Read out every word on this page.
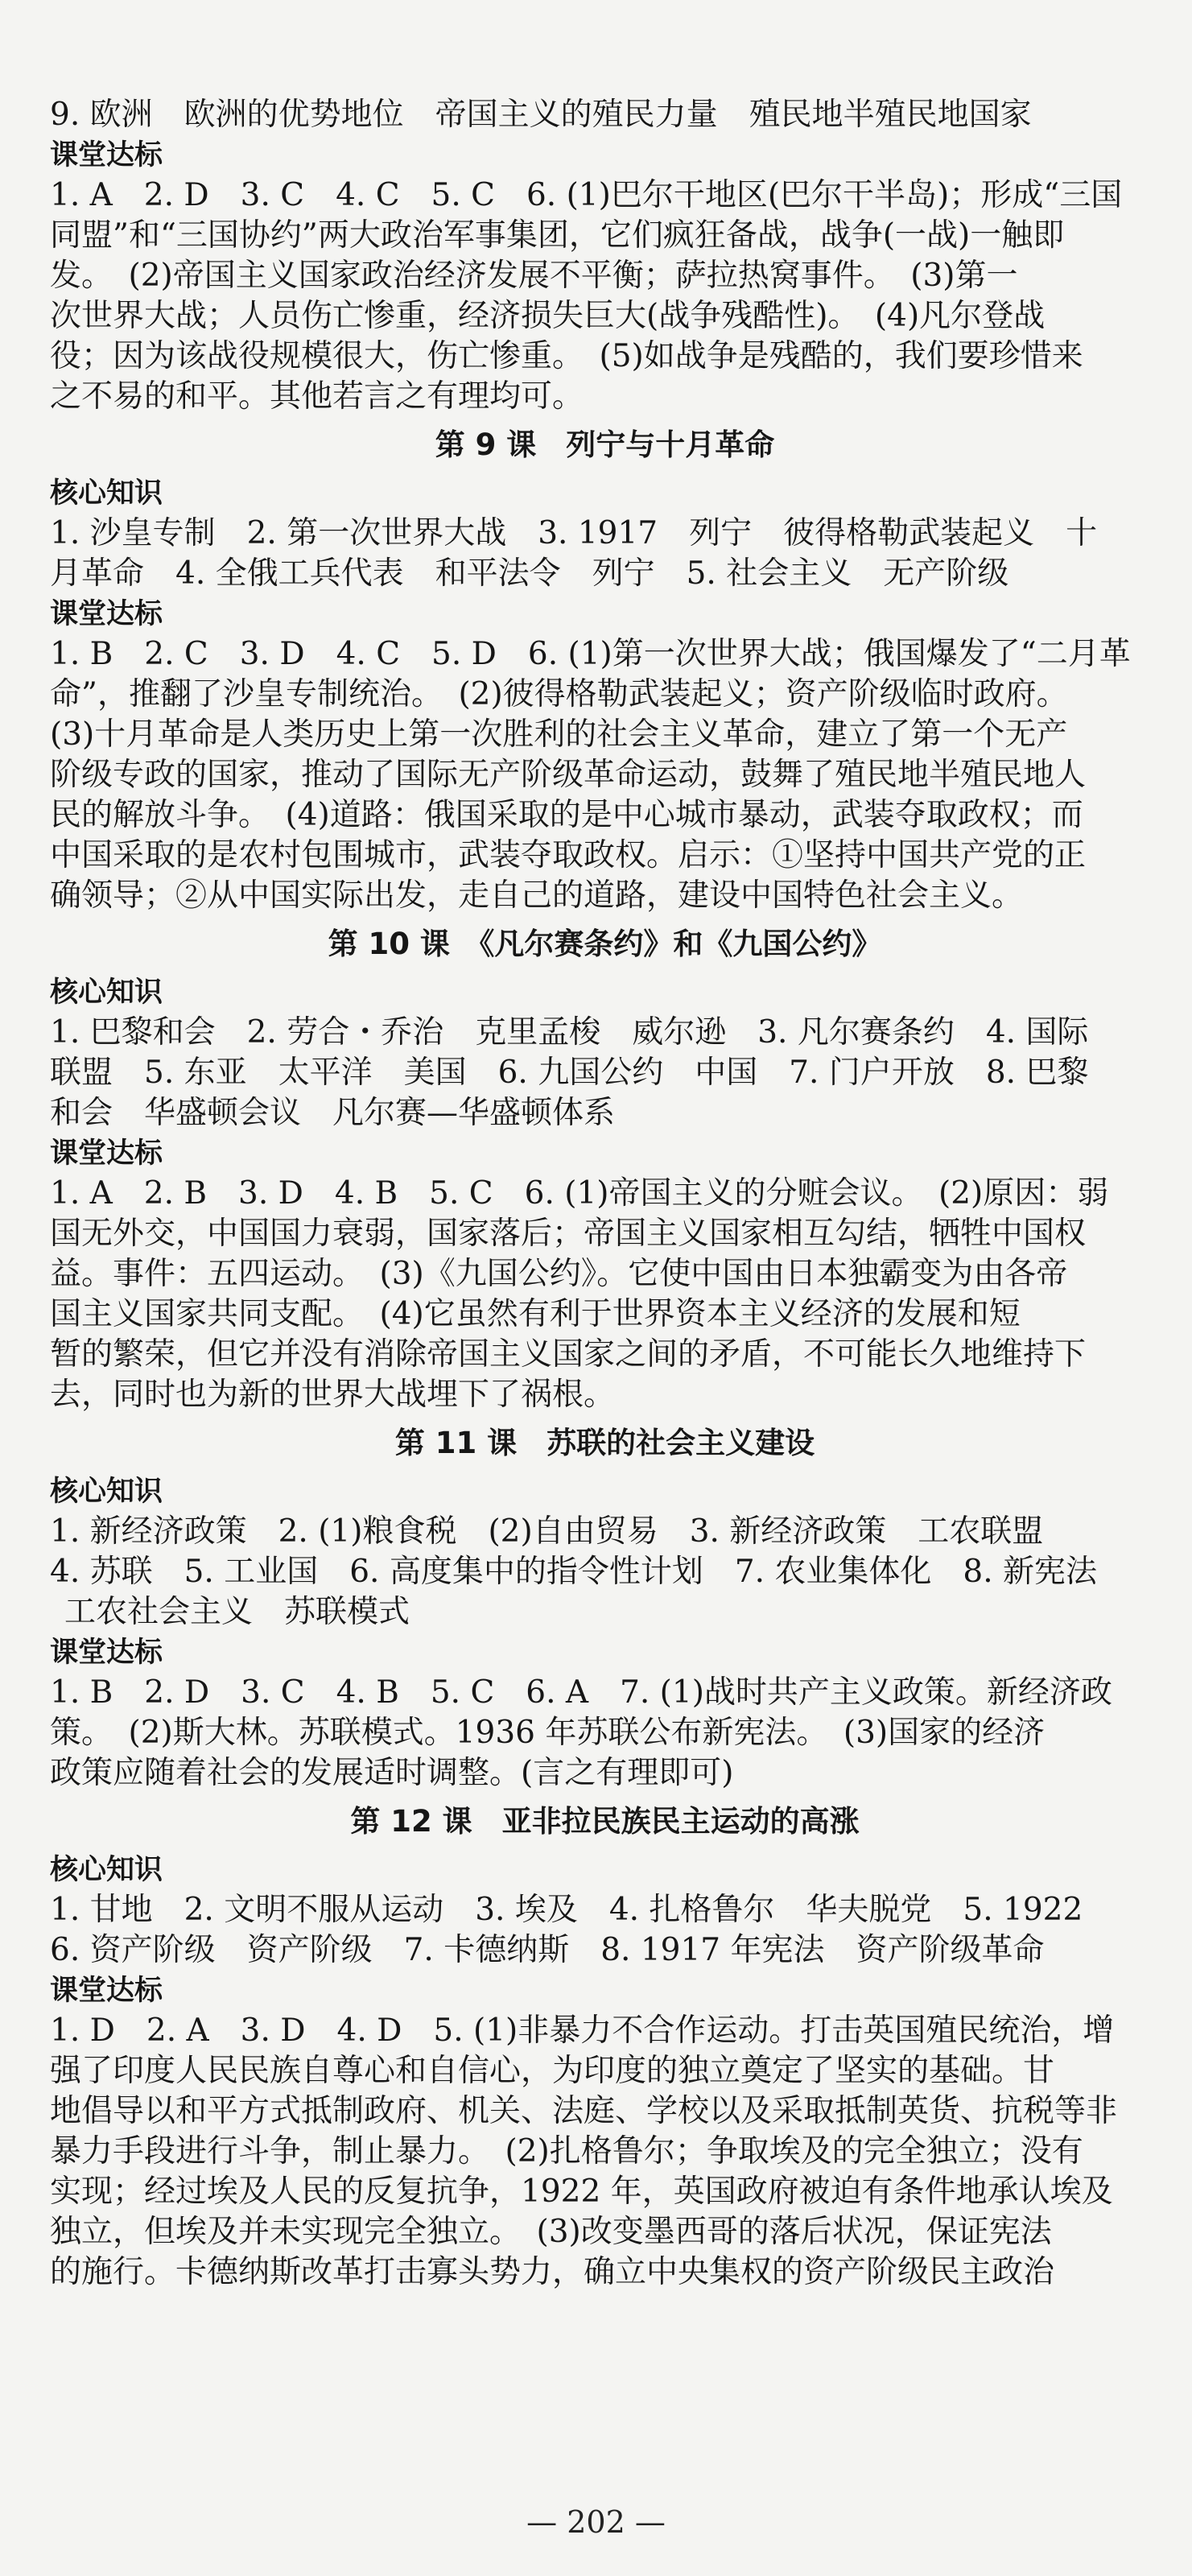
9. 欧洲　欧洲的优势地位　帝国主义的殖民力量　殖民地半殖民地国家
课堂达标
1. A　2. D　3. C　4. C　5. C　6. (1)巴尔干地区(巴尔干半岛)；形成“三国
同盟”和“三国协约”两大政治军事集团，它们疯狂备战，战争(一战)一触即
发。　(2)帝国主义国家政治经济发展不平衡；萨拉热窝事件。　(3)第一
次世界大战；人员伤亡惨重，经济损失巨大(战争残酷性)。　(4)凡尔登战
役；因为该战役规模很大，伤亡惨重。　(5)如战争是残酷的，我们要珍惜来
之不易的和平。其他若言之有理均可。
第 9 课　列宁与十月革命
核心知识
1. 沙皇专制　2. 第一次世界大战　3. 1917　列宁　彼得格勒武装起义　十
月革命　4. 全俄工兵代表　和平法令　列宁　5. 社会主义　无产阶级
课堂达标
1. B　2. C　3. D　4. C　5. D　6. (1)第一次世界大战；俄国爆发了“二月革
命”，推翻了沙皇专制统治。　(2)彼得格勒武装起义；资产阶级临时政府。
(3)十月革命是人类历史上第一次胜利的社会主义革命，建立了第一个无产
阶级专政的国家，推动了国际无产阶级革命运动，鼓舞了殖民地半殖民地人
民的解放斗争。　(4)道路：俄国采取的是中心城市暴动，武装夺取政权；而
中国采取的是农村包围城市，武装夺取政权。启示：①坚持中国共产党的正
确领导；②从中国实际出发，走自己的道路，建设中国特色社会主义。
第 10 课　《凡尔赛条约》和《九国公约》
核心知识
1. 巴黎和会　2. 劳合・乔治　克里孟梭　威尔逊　3. 凡尔赛条约　4. 国际
联盟　5. 东亚　太平洋　美国　6. 九国公约　中国　7. 门户开放　8. 巴黎
和会　华盛顿会议　凡尔赛—华盛顿体系
课堂达标
1. A　2. B　3. D　4. B　5. C　6. (1)帝国主义的分赃会议。　(2)原因：弱
国无外交，中国国力衰弱，国家落后；帝国主义国家相互勾结，牺牲中国权
益。事件：五四运动。　(3)《九国公约》。它使中国由日本独霸变为由各帝
国主义国家共同支配。　(4)它虽然有利于世界资本主义经济的发展和短
暂的繁荣，但它并没有消除帝国主义国家之间的矛盾，不可能长久地维持下
去，同时也为新的世界大战埋下了祸根。
第 11 课　苏联的社会主义建设
核心知识
1. 新经济政策　2. (1)粮食税　(2)自由贸易　3. 新经济政策　工农联盟
4. 苏联　5. 工业国　6. 高度集中的指令性计划　7. 农业集体化　8. 新宪法
工农社会主义　苏联模式
课堂达标
1. B　2. D　3. C　4. B　5. C　6. A　7. (1)战时共产主义政策。新经济政
策。　(2)斯大林。苏联模式。1936 年苏联公布新宪法。　(3)国家的经济
政策应随着社会的发展适时调整。(言之有理即可)
第 12 课　亚非拉民族民主运动的高涨
核心知识
1. 甘地　2. 文明不服从运动　3. 埃及　4. 扎格鲁尔　华夫脱党　5. 1922
6. 资产阶级　资产阶级　7. 卡德纳斯　8. 1917 年宪法　资产阶级革命
课堂达标
1. D　2. A　3. D　4. D　5. (1)非暴力不合作运动。打击英国殖民统治，增
强了印度人民民族自尊心和自信心，为印度的独立奠定了坚实的基础。甘
地倡导以和平方式抵制政府、机关、法庭、学校以及采取抵制英货、抗税等非
暴力手段进行斗争，制止暴力。　(2)扎格鲁尔；争取埃及的完全独立；没有
实现；经过埃及人民的反复抗争，1922 年，英国政府被迫有条件地承认埃及
独立，但埃及并未实现完全独立。　(3)改变墨西哥的落后状况，保证宪法
的施行。卡德纳斯改革打击寡头势力，确立中央集权的资产阶级民主政治
— 202 —
